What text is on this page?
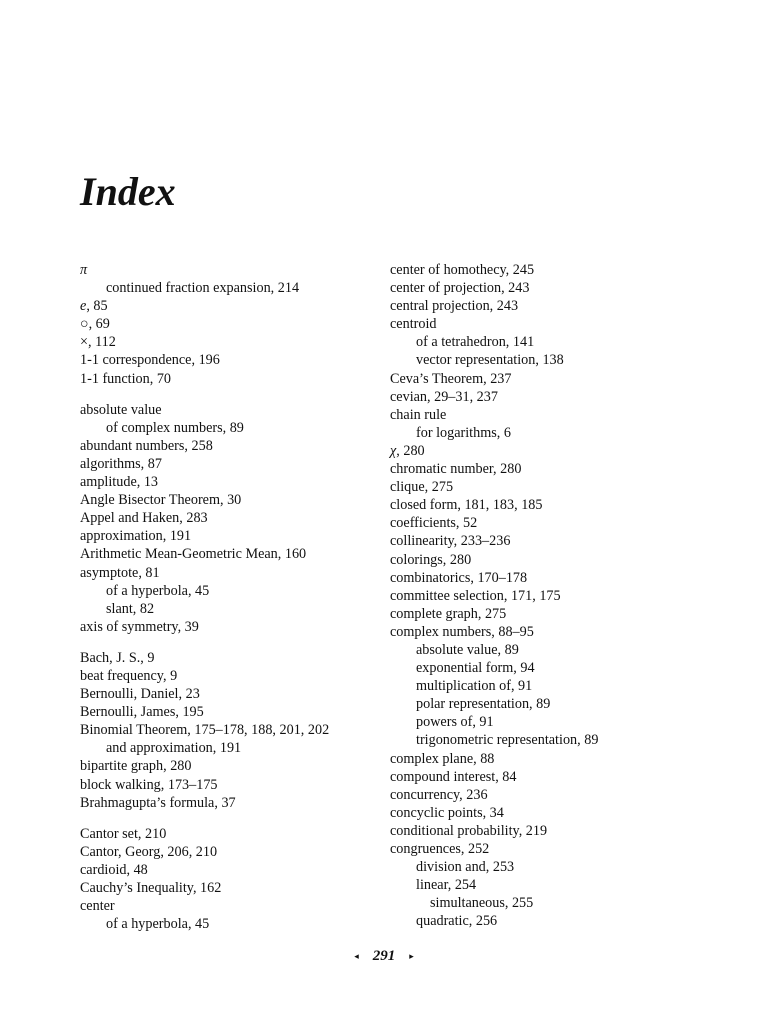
Index
π
continued fraction expansion, 214
e, 85
○, 69
×, 112
1-1 correspondence, 196
1-1 function, 70
absolute value
of complex numbers, 89
abundant numbers, 258
algorithms, 87
amplitude, 13
Angle Bisector Theorem, 30
Appel and Haken, 283
approximation, 191
Arithmetic Mean-Geometric Mean, 160
asymptote, 81
of a hyperbola, 45
slant, 82
axis of symmetry, 39
Bach, J. S., 9
beat frequency, 9
Bernoulli, Daniel, 23
Bernoulli, James, 195
Binomial Theorem, 175–178, 188, 201, 202
and approximation, 191
bipartite graph, 280
block walking, 173–175
Brahmagupta’s formula, 37
Cantor set, 210
Cantor, Georg, 206, 210
cardioid, 48
Cauchy’s Inequality, 162
center
of a hyperbola, 45
center of homothecy, 245
center of projection, 243
central projection, 243
centroid
of a tetrahedron, 141
vector representation, 138
Ceva’s Theorem, 237
cevian, 29–31, 237
chain rule
for logarithms, 6
χ, 280
chromatic number, 280
clique, 275
closed form, 181, 183, 185
coefficients, 52
collinearity, 233–236
colorings, 280
combinatorics, 170–178
committee selection, 171, 175
complete graph, 275
complex numbers, 88–95
absolute value, 89
exponential form, 94
multiplication of, 91
polar representation, 89
powers of, 91
trigonometric representation, 89
complex plane, 88
compound interest, 84
concurrency, 236
concyclic points, 34
conditional probability, 219
congruences, 252
division and, 253
linear, 254
simultaneous, 255
quadratic, 256
◂ 291	▸
